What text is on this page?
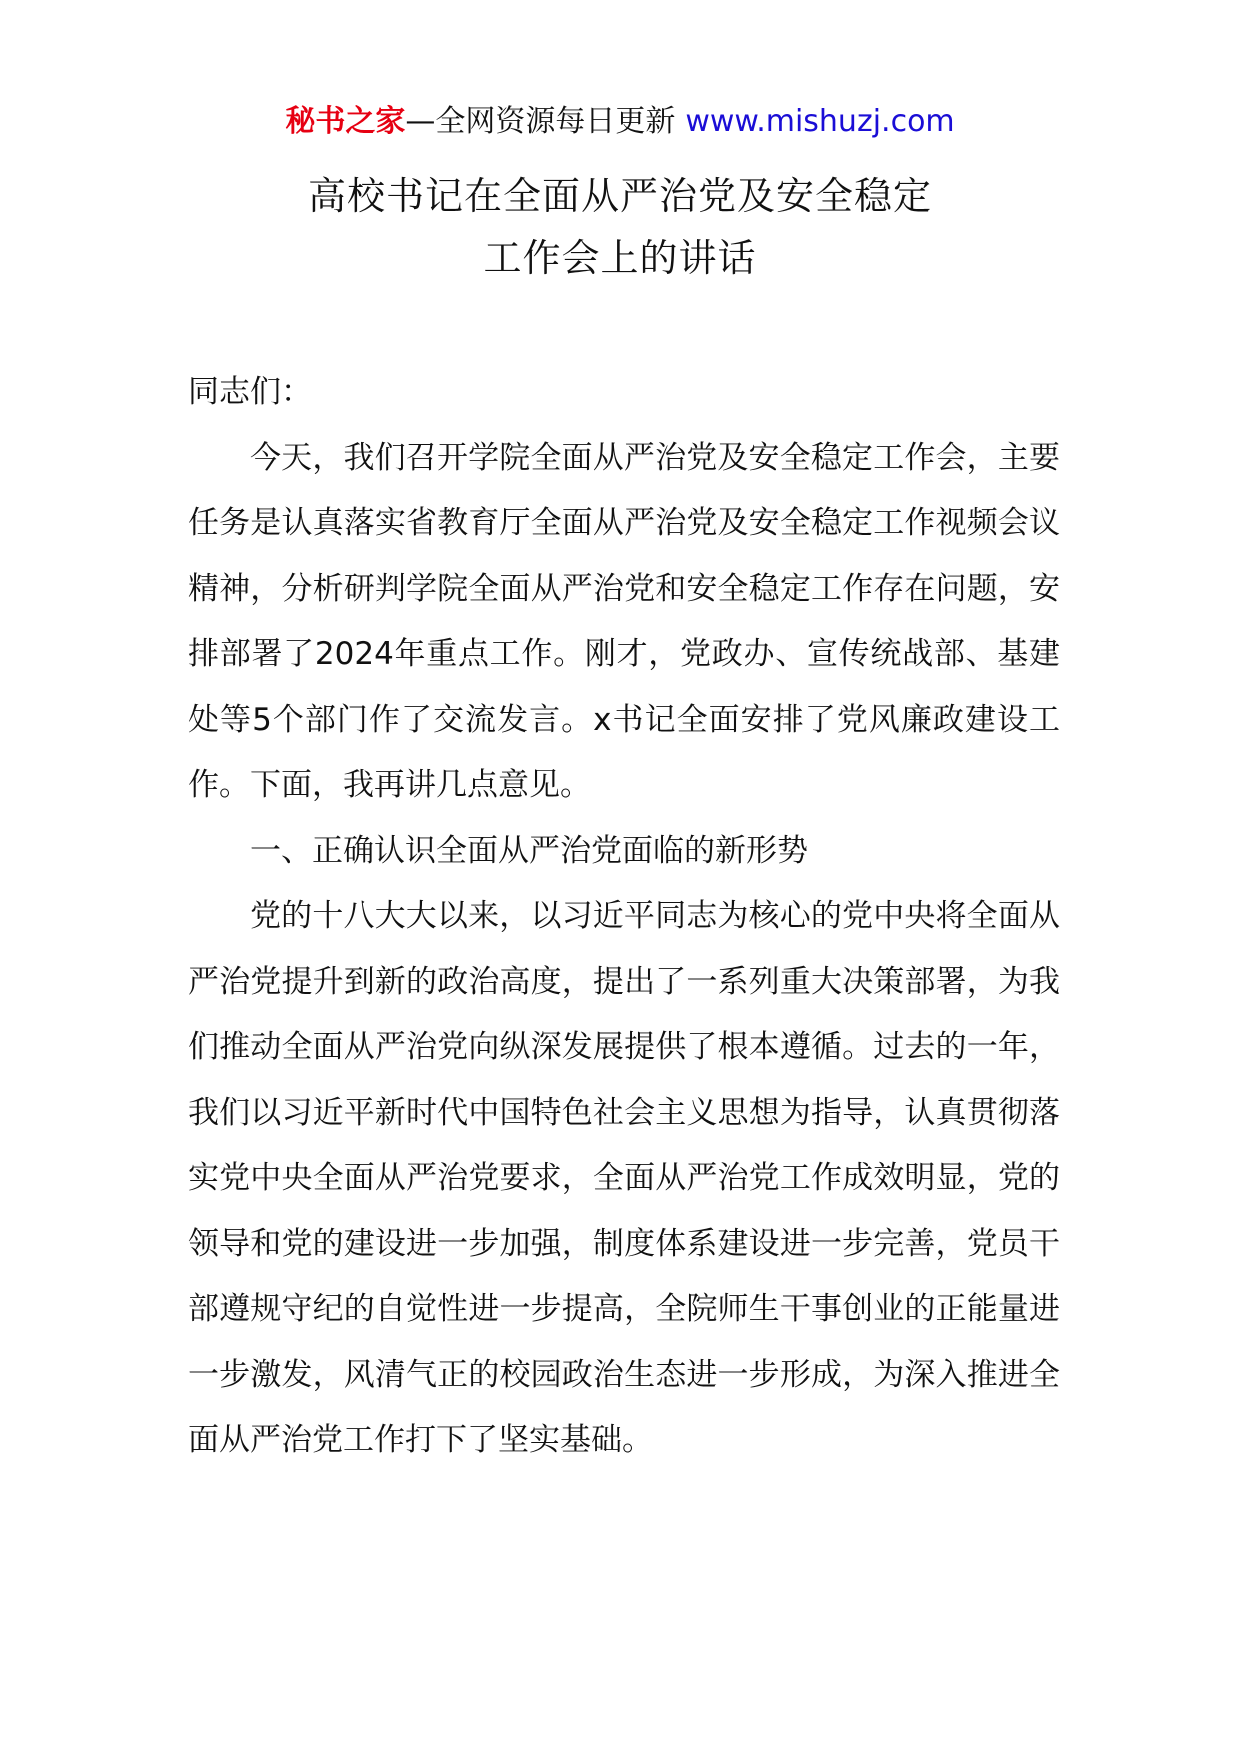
秘书之家—全网资源每日更新 www.mishuzj.com
高校书记在全面从严治党及安全稳定
工作会上的讲话

同志们：

今天，我们召开学院全面从严治党及安全稳定工作会，主要任务是认真落实省教育厅全面从严治党及安全稳定工作视频会议精神，分析研判学院全面从严治党和安全稳定工作存在问题，安排部署了2024年重点工作。刚才，党政办、宣传统战部、基建处等5个部门作了交流发言。x书记全面安排了党风廉政建设工作。下面，我再讲几点意见。

一、正确认识全面从严治党面临的新形势

党的十八大大以来，以习近平同志为核心的党中央将全面从严治党提升到新的政治高度，提出了一系列重大决策部署，为我们推动全面从严治党向纵深发展提供了根本遵循。过去的一年，我们以习近平新时代中国特色社会主义思想为指导，认真贯彻落实党中央全面从严治党要求，全面从严治党工作成效明显，党的领导和党的建设进一步加强，制度体系建设进一步完善，党员干部遵规守纪的自觉性进一步提高，全院师生干事创业的正能量进一步激发，风清气正的校园政治生态进一步形成，为深入推进全面从严治党工作打下了坚实基础。
